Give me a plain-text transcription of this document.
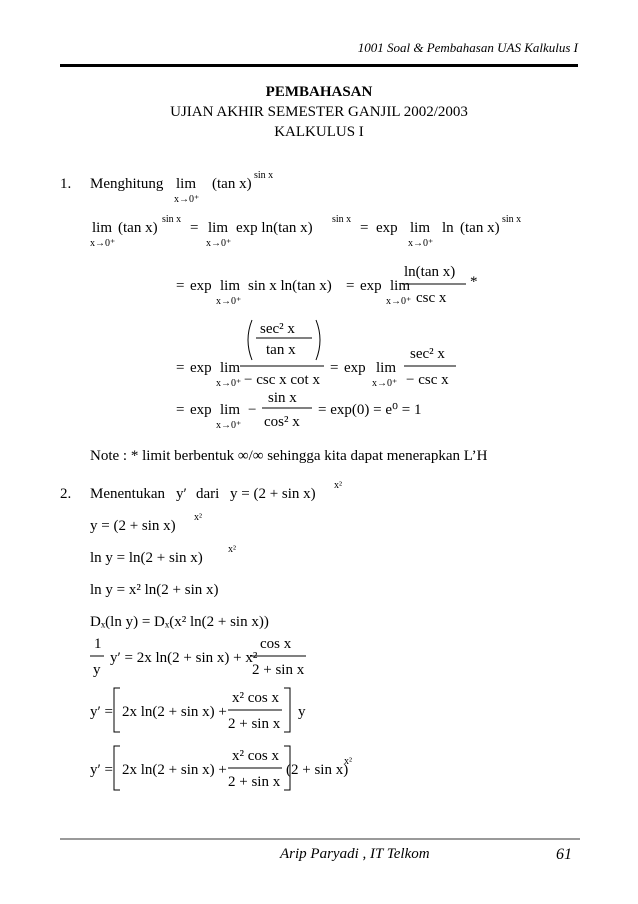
1001 Soal & Pembahasan UAS Kalkulus I
PEMBAHASAN
UJIAN AKHIR SEMESTER GANJIL 2002/2003
KALKULUS I
1. Menghitung lim
x→0⁺
(tan x)
sin x
lim
x→0⁺
(tan x)
sin x
= lim
x→0⁺
exp ln(tan x)
sin x
= exp lim
x→0⁺
ln (tan x)
sin x
= exp lim
x→0⁺
sin x ln(tan x) = exp lim
x→0⁺
ln(tan x)
csc x
*
sec² x
tan x
= exp lim
x→0⁺ − csc x cot x
= exp lim
x→0⁺
sec² x
− csc x
= exp lim
x→0⁺
−
sin x
cos² x
= exp(0) = e⁰ = 1
2. Menentukan y′ dari y = (2 + sin x)
x²
y = (2 + sin x)
x²
ln y = ln(2 + sin x)
x²
ln y = x² ln(2 + sin x)
Dₓ(ln y) = Dₓ(x² ln(2 + sin x))
1
y
y′ = 2x ln(2 + sin x) + x²
cos x
2 + sin x
y′ = 2x ln(2 + sin x) +
x² cos x
2 + sin x
y
y′ = 2x ln(2 + sin x) +
x² cos x
2 + sin x
(2 + sin x)
x²
Note : * limit berbentuk ∞/∞ sehingga kita dapat menerapkan L’H
Arip Paryadi , IT Telkom	61
